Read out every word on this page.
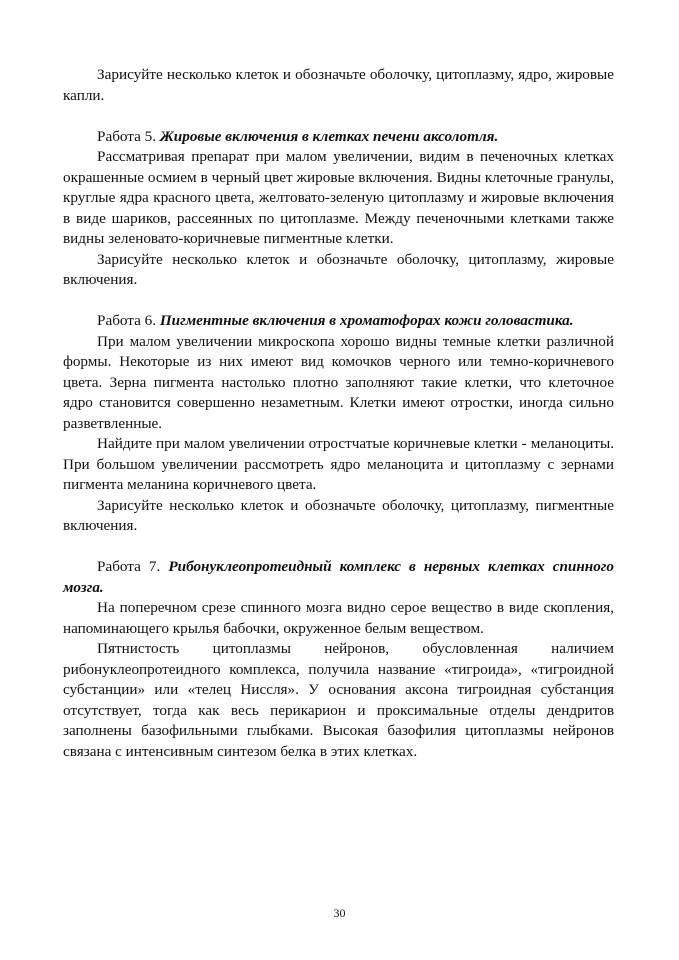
Зарисуйте несколько клеток и обозначьте оболочку, цитоплазму, ядро, жировые капли.

Работа 5. Жировые включения в клетках печени аксолотля.

Рассматривая препарат при малом увеличении, видим в печеночных клетках окрашенные осмием в черный цвет жировые включения. Видны клеточные гранулы, круглые ядра красного цвета, желтовато-зеленую цитоплазму и жировые включения в виде шариков, рассеянных по цитоплазме. Между печеночными клетками также видны зеленовато-коричневые пигментные клетки.

Зарисуйте несколько клеток и обозначьте оболочку, цитоплазму, жировые включения.

Работа 6. Пигментные включения в хроматофорах кожи головастика.

При малом увеличении микроскопа хорошо видны темные клетки различной формы. Некоторые из них имеют вид комочков черного или темно-коричневого цвета. Зерна пигмента настолько плотно заполняют такие клетки, что клеточное ядро становится совершенно незаметным. Клетки имеют отростки, иногда сильно разветвленные.

Найдите при малом увеличении отростчатые коричневые клетки - меланоциты. При большом увеличении рассмотреть ядро меланоцита и цитоплазму с зернами пигмента меланина коричневого цвета.

Зарисуйте несколько клеток и обозначьте оболочку, цитоплазму, пигментные включения.

Работа 7. Рибонуклеопротеидный комплекс в нервных клетках спинного мозга.

На поперечном срезе спинного мозга видно серое вещество в виде скопления, напоминающего крылья бабочки, окруженное белым веществом.

Пятнистость цитоплазмы нейронов, обусловленная наличием рибонуклеопротеидного комплекса, получила название «тигроида», «тигроидной субстанции» или «телец Ниссля». У основания аксона тигроидная субстанция отсутствует, тогда как весь перикарион и проксимальные отделы дендритов заполнены базофильными глыбками. Высокая базофилия цитоплазмы нейронов связана с интенсивным синтезом белка в этих клетках.

30
